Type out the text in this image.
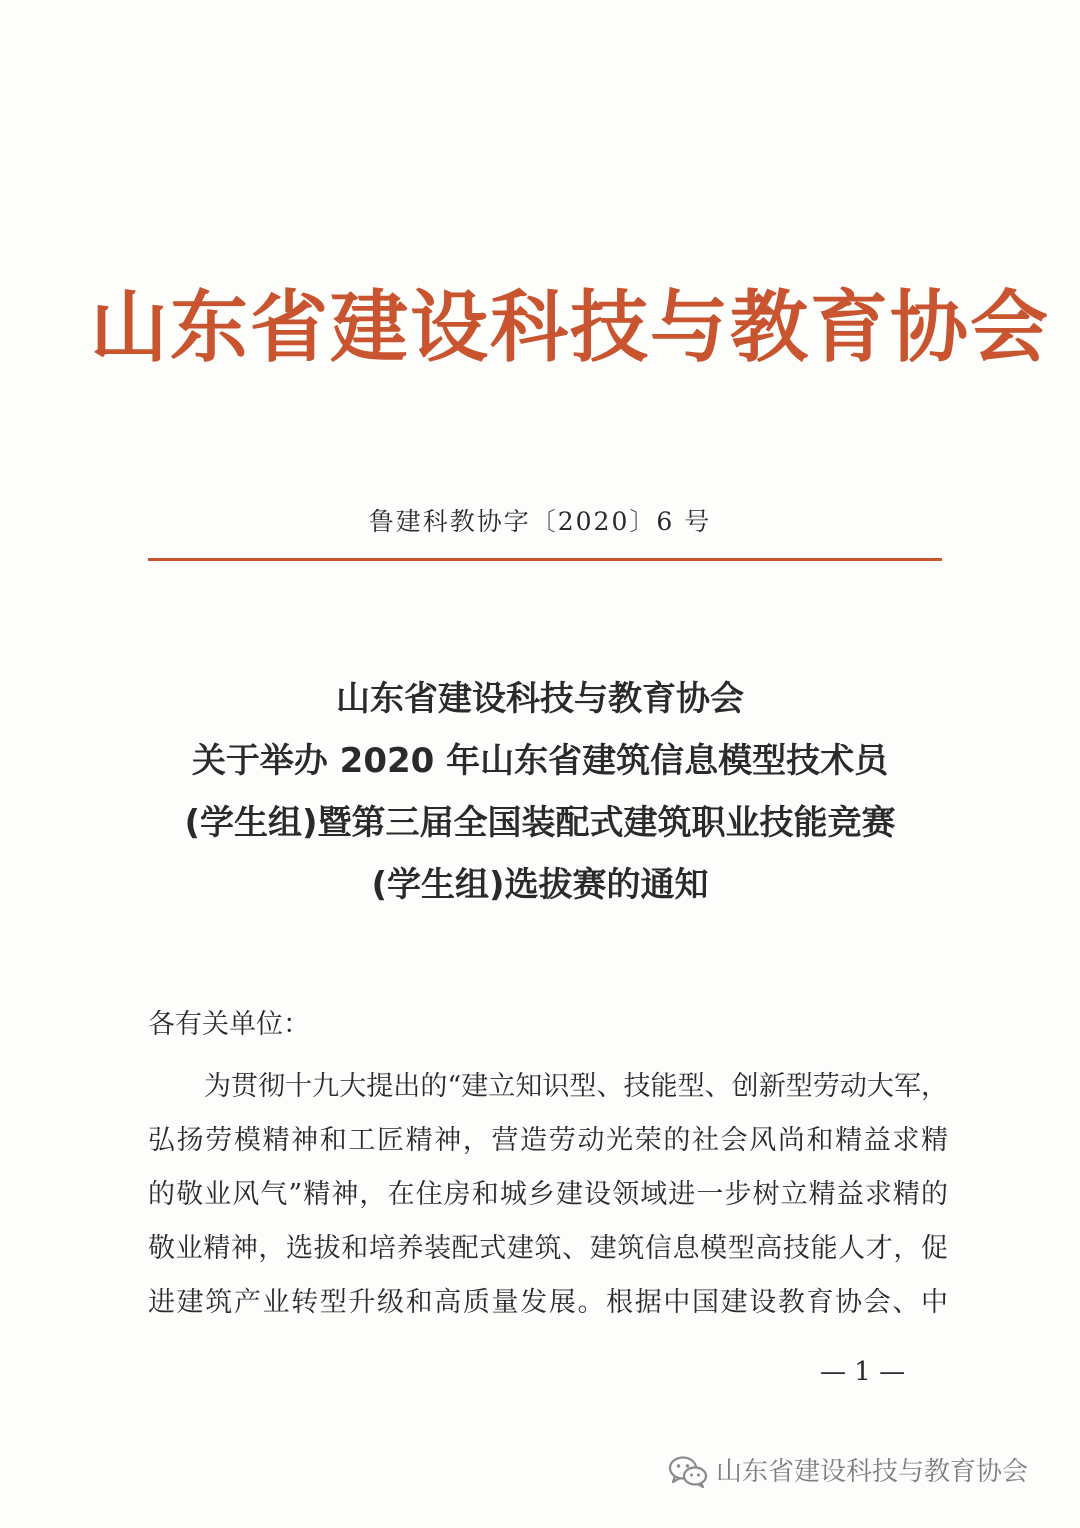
山东省建设科技与教育协会
鲁建科教协字〔2020〕6 号
山东省建设科技与教育协会
关于举办 2020 年山东省建筑信息模型技术员
(学生组)暨第三届全国装配式建筑职业技能竞赛
(学生组)选拔赛的通知
各有关单位：
为贯彻十九大提出的“建立知识型、技能型、创新型劳动大军，
弘扬劳模精神和工匠精神，营造劳动光荣的社会风尚和精益求精
的敬业风气”精神，在住房和城乡建设领域进一步树立精益求精的
敬业精神，选拔和培养装配式建筑、建筑信息模型高技能人才，促
进建筑产业转型升级和高质量发展。根据中国建设教育协会、中
— 1 —
山东省建设科技与教育协会
